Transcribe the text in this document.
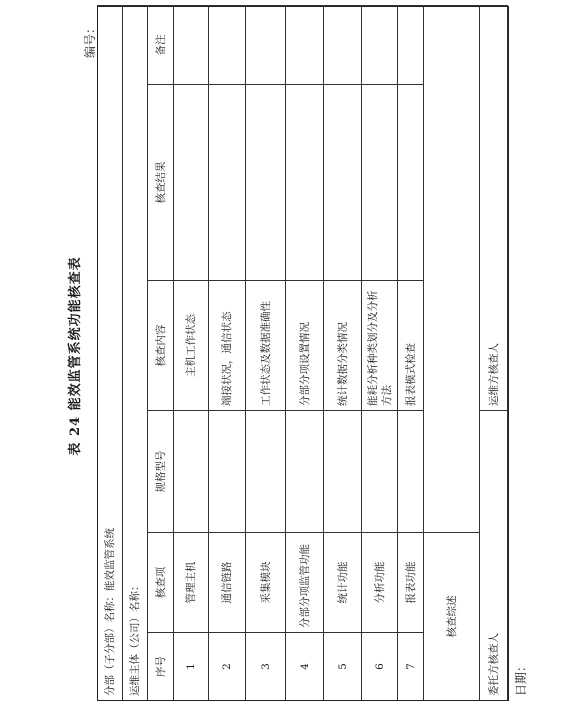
表 24 能效监管系统功能核查表
编号：
分部（子分部）名称：能效监管系统					
运维主体（公司）名称：					
序号	核查项	规格型号	核查内容	核查结果	备注
1	管理主机		主机工作状态		
2	通信链路		端接状况，通信状态		
3	采集模块		工作状态及数据准确性		
4	分部分项监管功能		分部分项设置情况		
5	统计功能		统计数据分类情况		
6	分析功能		能耗分析种类划分及分析方法		
7	报表功能		报表模式检查		
核查综述					
委托方核查人			运维方核查人		
日期：
